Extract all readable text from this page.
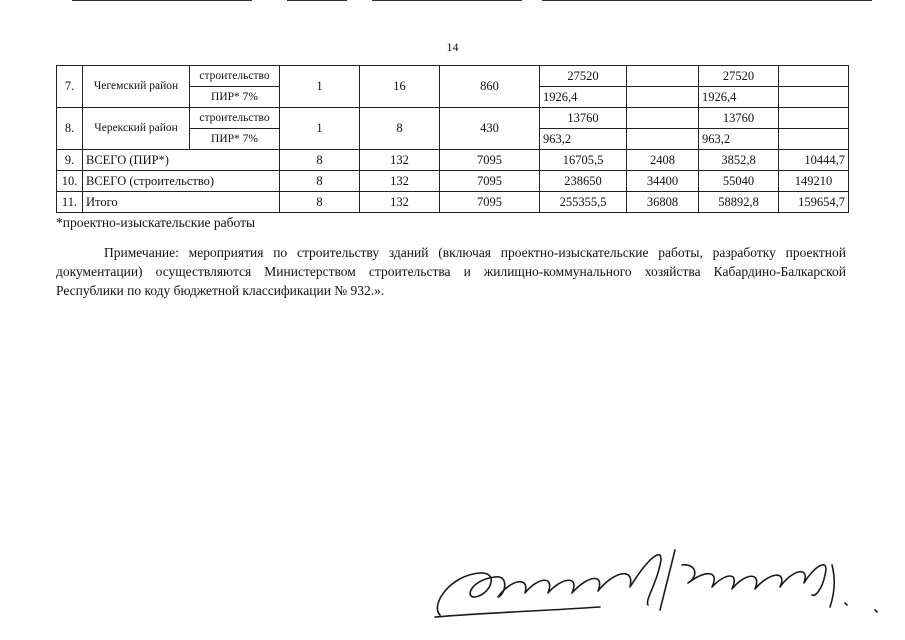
14
7.	Чегемский район	строительство	1	16	860	27520		27520	
		ПИР* 7%				1926,4		1926,4	
8.	Черекский район	строительство	1	8	430	13760		13760	
		ПИР* 7%				963,2		963,2	
9.	ВСЕГО (ПИР*)		8	132	7095	16705,5	2408	3852,8	10444,7
10.	ВСЕГО (строительство)		8	132	7095	238650	34400	55040	149210
11.	Итого		8	132	7095	255355,5	36808	58892,8	159654,7
*проектно-изыскательские работы

Примечание: мероприятия по строительству зданий (включая проектно-изыскательские работы, разработку проектной документации) осуществляются Министерством строительства и жилищно-коммунального хозяйства Кабардино-Балкарской Республики по коду бюджетной классификации № 932.».
